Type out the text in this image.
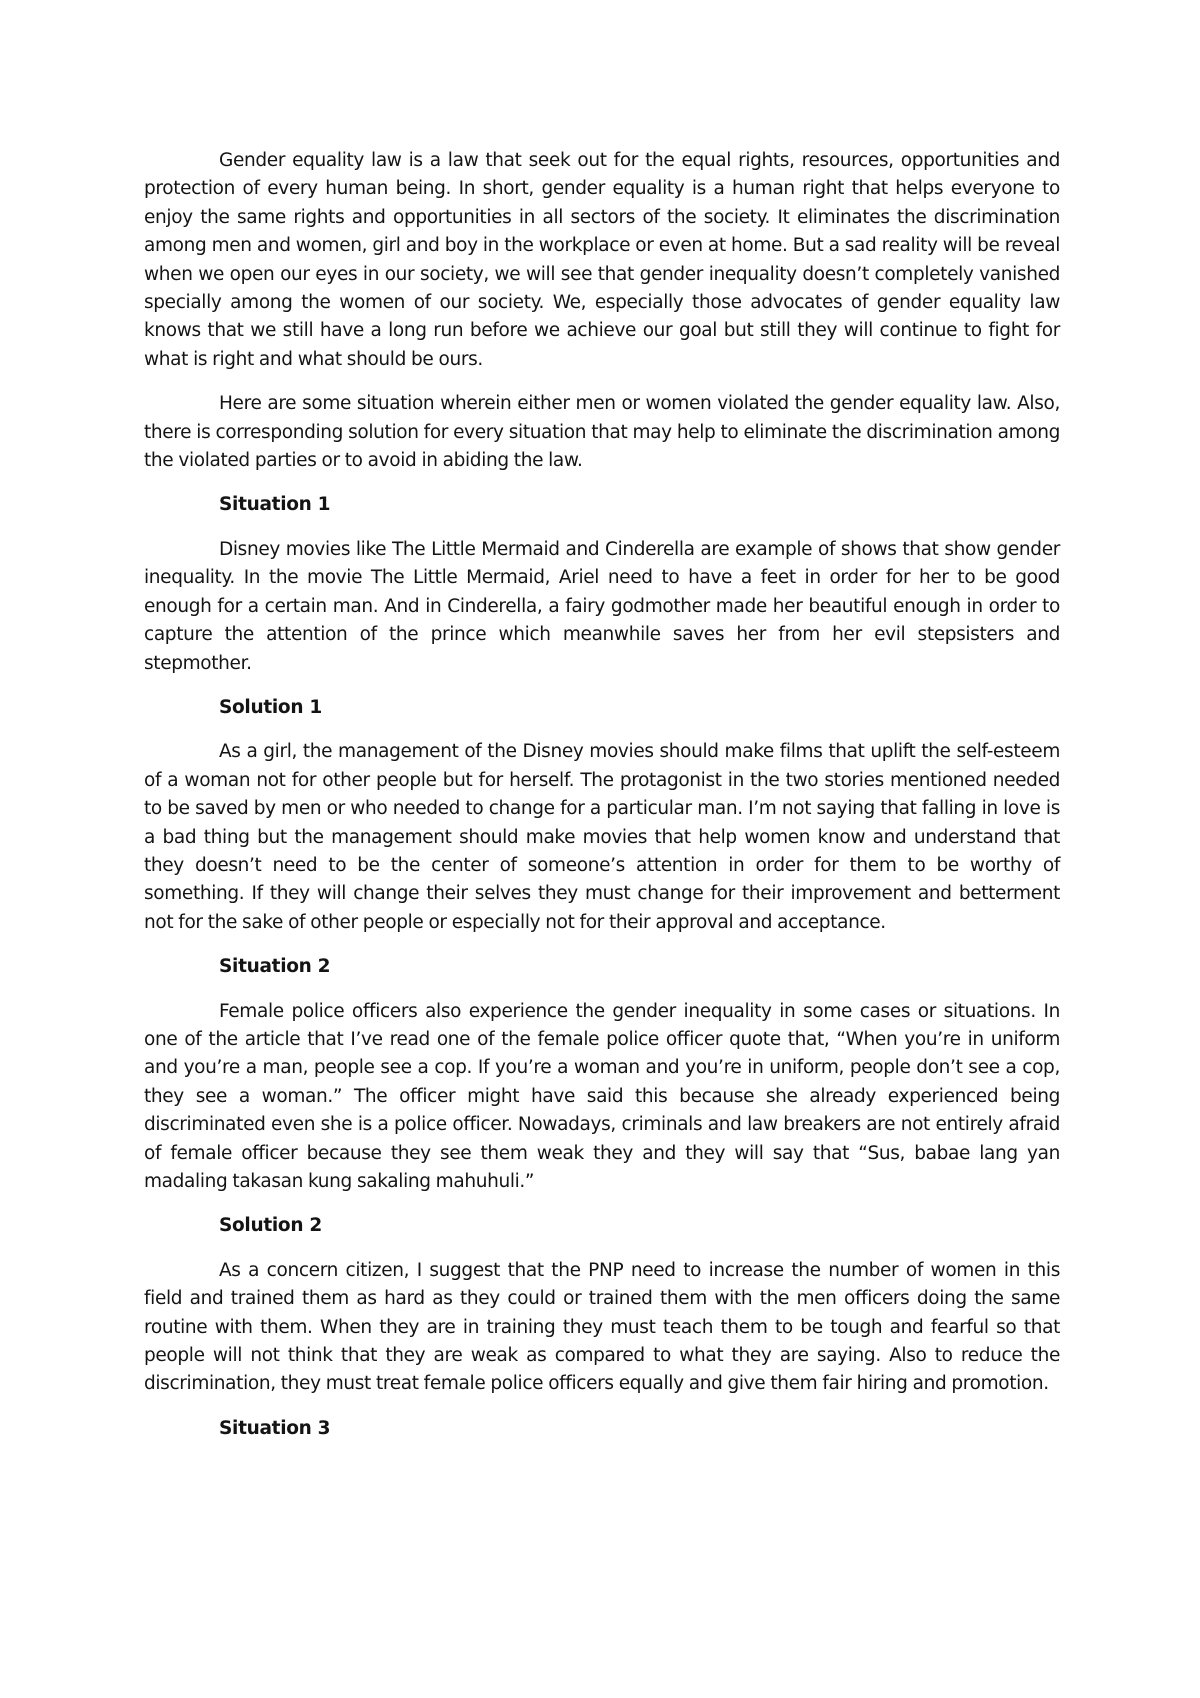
Gender equality law is a law that seek out for the equal rights, resources, opportunities and protection of every human being. In short, gender equality is a human right that helps everyone to enjoy the same rights and opportunities in all sectors of the society. It eliminates the discrimination among men and women, girl and boy in the workplace or even at home. But a sad reality will be reveal when we open our eyes in our society, we will see that gender inequality doesn’t completely vanished specially among the women of our society. We, especially those advocates of gender equality law knows that we still have a long run before we achieve our goal but still they will continue to fight for what is right and what should be ours.

Here are some situation wherein either men or women violated the gender equality law. Also, there is corresponding solution for every situation that may help to eliminate the discrimination among the violated parties or to avoid in abiding the law.

Situation 1

Disney movies like The Little Mermaid and Cinderella are example of shows that show gender inequality. In the movie The Little Mermaid, Ariel need to have a feet in order for her to be good enough for a certain man. And in Cinderella, a fairy godmother made her beautiful enough in order to capture the attention of the prince which meanwhile saves her from her evil stepsisters and stepmother.

Solution 1

As a girl, the management of the Disney movies should make films that uplift the self-esteem of a woman not for other people but for herself. The protagonist in the two stories mentioned needed to be saved by men or who needed to change for a particular man. I’m not saying that falling in love is a bad thing but the management should make movies that help women know and understand that they doesn’t need to be the center of someone’s attention in order for them to be worthy of something. If they will change their selves they must change for their improvement and betterment not for the sake of other people or especially not for their approval and acceptance.

Situation 2

Female police officers also experience the gender inequality in some cases or situations. In one of the article that I’ve read one of the female police officer quote that, “When you’re in uniform and you’re a man, people see a cop. If you’re a woman and you’re in uniform, people don’t see a cop, they see a woman.” The officer might have said this because she already experienced being discriminated even she is a police officer. Nowadays, criminals and law breakers are not entirely afraid of female officer because they see them weak they and they will say that “Sus, babae lang yan madaling takasan kung sakaling mahuhuli.”

Solution 2

As a concern citizen, I suggest that the PNP need to increase the number of women in this field and trained them as hard as they could or trained them with the men officers doing the same routine with them. When they are in training they must teach them to be tough and fearful so that people will not think that they are weak as compared to what they are saying. Also to reduce the discrimination, they must treat female police officers equally and give them fair hiring and promotion.

Situation 3
